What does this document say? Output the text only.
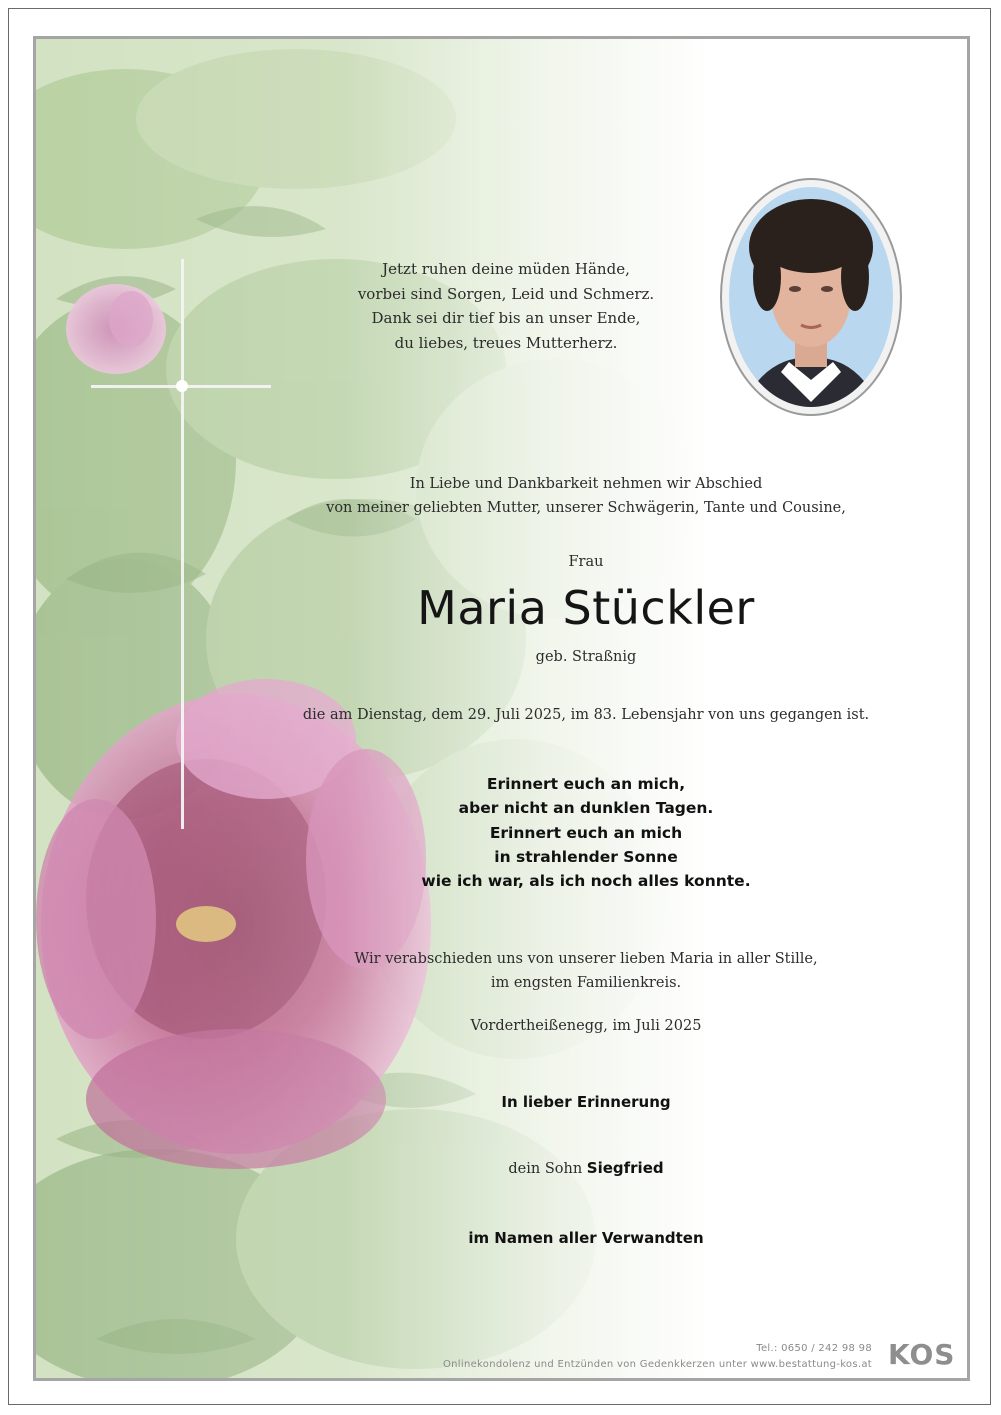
Jetzt ruhen deine müden Hände,
vorbei sind Sorgen, Leid und Schmerz.
Dank sei dir tief bis an unser Ende,
du liebes, treues Mutterherz.
In Liebe und Dankbarkeit nehmen wir Abschied
von meiner geliebten Mutter, unserer Schwägerin, Tante und Cousine,
Frau
Maria Stückler
geb. Straßnig
die am Dienstag, dem 29. Juli 2025, im 83. Lebensjahr von uns gegangen ist.
Erinnert euch an mich,
aber nicht an dunklen Tagen.
Erinnert euch an mich
in strahlender Sonne
wie ich war, als ich noch alles konnte.
Wir verabschieden uns von unserer lieben Maria in aller Stille,
im engsten Familienkreis.
Vordertheißenegg, im Juli 2025
In lieber Erinnerung
dein Sohn Siegfried
im Namen aller Verwandten
Tel.: 0650 / 242 98 98
Onlinekondolenz und Entzünden von Gedenkkerzen unter www.bestattung-kos.at KOS
